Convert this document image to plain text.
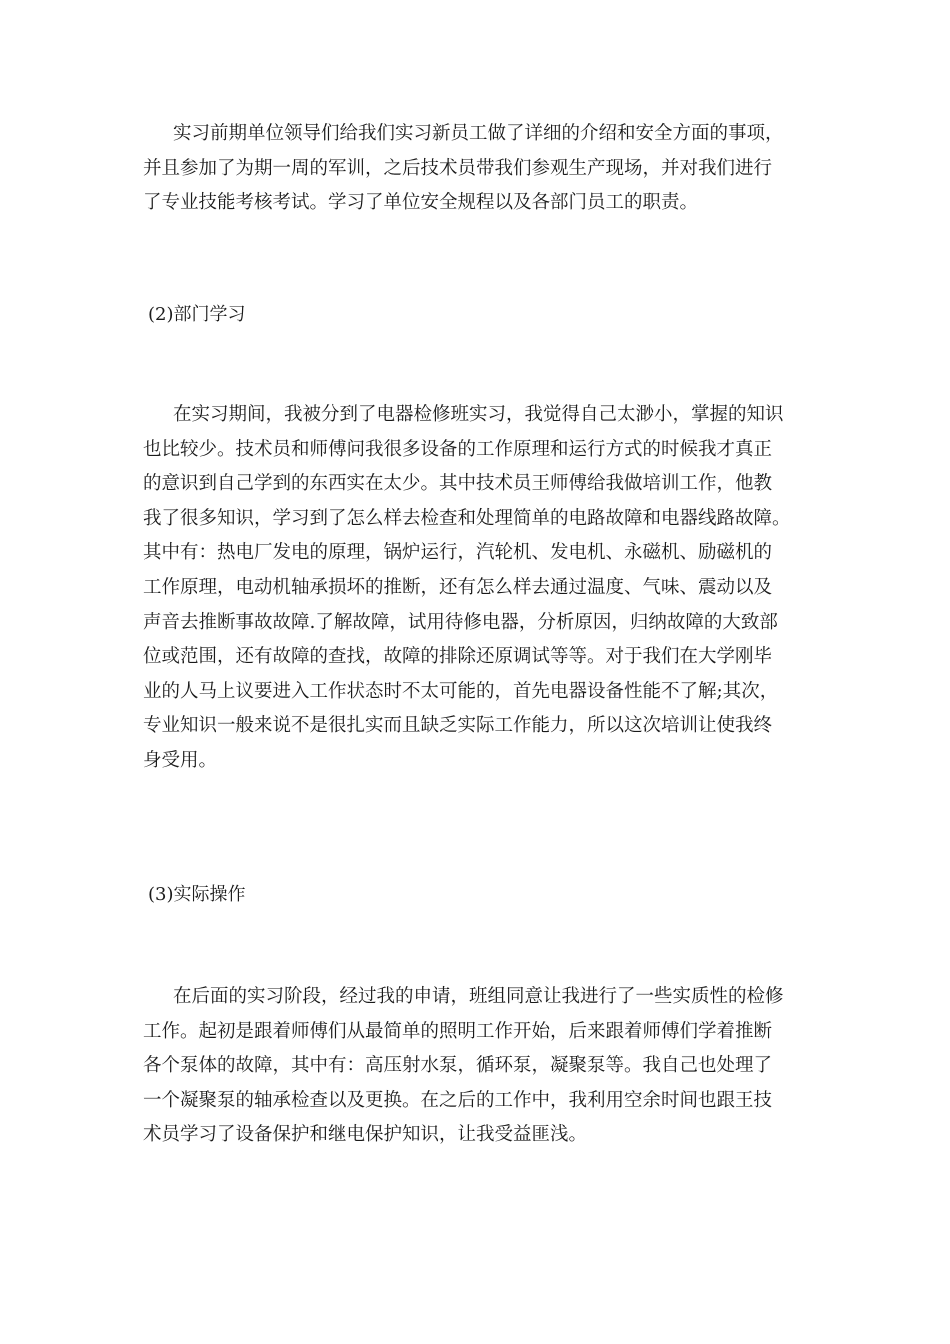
实习前期单位领导们给我们实习新员工做了详细的介绍和安全方面的事项，
并且参加了为期一周的军训，之后技术员带我们参观生产现场，并对我们进行
了专业技能考核考试。学习了单位安全规程以及各部门员工的职责。
(2)部门学习
在实习期间，我被分到了电器检修班实习，我觉得自己太渺小，掌握的知识
也比较少。技术员和师傅问我很多设备的工作原理和运行方式的时候我才真正
的意识到自己学到的东西实在太少。其中技术员王师傅给我做培训工作，他教
我了很多知识，学习到了怎么样去检查和处理简单的电路故障和电器线路故障。
其中有：热电厂发电的原理，锅炉运行，汽轮机、发电机、永磁机、励磁机的
工作原理，电动机轴承损坏的推断，还有怎么样去通过温度、气味、震动以及
声音去推断事故故障.了解故障，试用待修电器，分析原因，归纳故障的大致部
位或范围，还有故障的查找，故障的排除还原调试等等。对于我们在大学刚毕
业的人马上议要进入工作状态时不太可能的，首先电器设备性能不了解;其次，
专业知识一般来说不是很扎实而且缺乏实际工作能力，所以这次培训让使我终
身受用。
(3)实际操作
在后面的实习阶段，经过我的申请，班组同意让我进行了一些实质性的检修
工作。起初是跟着师傅们从最简单的照明工作开始，后来跟着师傅们学着推断
各个泵体的故障，其中有：高压射水泵，循环泵，凝聚泵等。我自己也处理了
一个凝聚泵的轴承检查以及更换。在之后的工作中，我利用空余时间也跟王技
术员学习了设备保护和继电保护知识，让我受益匪浅。
